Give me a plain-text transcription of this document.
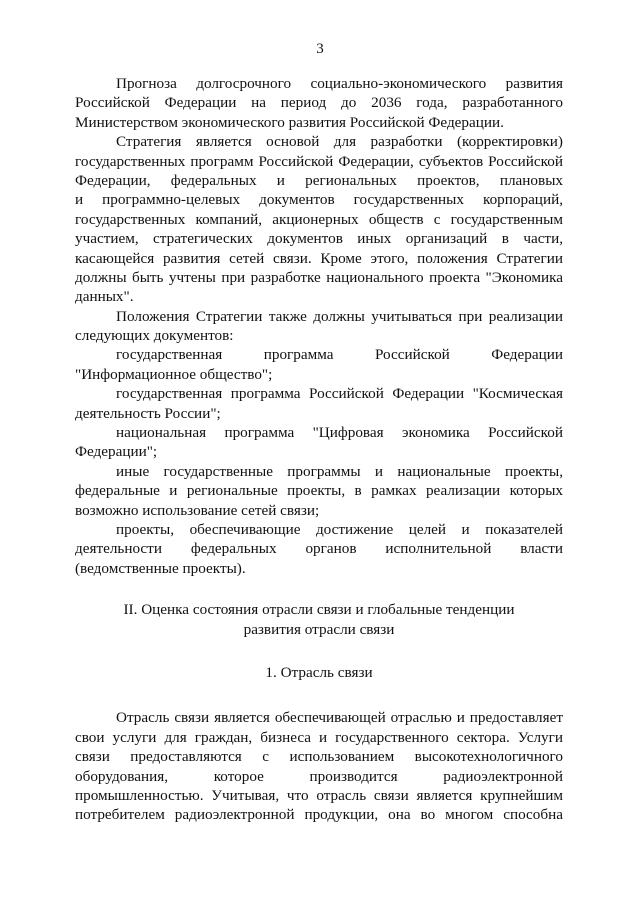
3
Прогноза долгосрочного социально-экономического развития
Российской Федерации на период до 2036 года, разработанного
Министерством экономического развития Российской Федерации.
Стратегия является основой для разработки (корректировки)
государственных программ Российской Федерации, субъектов Российской
Федерации, федеральных и региональных проектов, плановых
и программно-целевых документов государственных корпораций,
государственных компаний, акционерных обществ с государственным
участием, стратегических документов иных организаций в части,
касающейся развития сетей связи. Кроме этого, положения Стратегии
должны быть учтены при разработке национального проекта "Экономика
данных".
Положения Стратегии также должны учитываться при реализации
следующих документов:
государственная программа Российской Федерации
"Информационное общество";
государственная программа Российской Федерации "Космическая
деятельность России";
национальная программа "Цифровая экономика Российской
Федерации";
иные государственные программы и национальные проекты,
федеральные и региональные проекты, в рамках реализации которых
возможно использование сетей связи;
проекты, обеспечивающие достижение целей и показателей
деятельности федеральных органов исполнительной власти
(ведомственные проекты).
II. Оценка состояния отрасли связи и глобальные тенденции
развития отрасли связи
1. Отрасль связи
Отрасль связи является обеспечивающей отраслью и предоставляет
свои услуги для граждан, бизнеса и государственного сектора. Услуги
связи предоставляются с использованием высокотехнологичного
оборудования, которое производится радиоэлектронной
промышленностью. Учитывая, что отрасль связи является крупнейшим
потребителем радиоэлектронной продукции, она во многом способна
